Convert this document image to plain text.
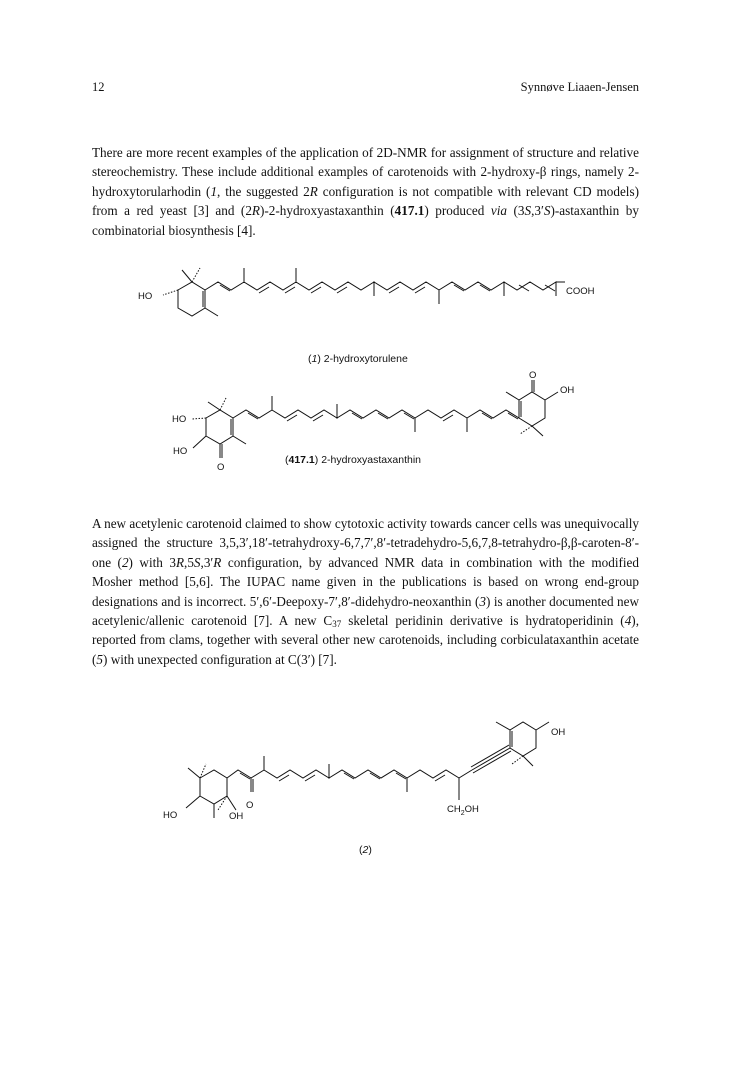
12	Synnøve Liaaen-Jensen

There are more recent examples of the application of 2D-NMR for assignment of structure and relative stereochemistry. These include additional examples of carotenoids with 2-hydroxy-β rings, namely 2-hydroxytorularhodin (1, the suggested 2R configuration is not compatible with relevant CD models) from a red yeast [3] and (2R)-2-hydroxyastaxanthin (417.1) produced via (3S,3′S)-astaxanthin by combinatorial biosynthesis [4].

HO	COOH
(1) 2-hydroxytorulene
HO
HO
O
O
OH
(417.1) 2-hydroxyastaxanthin

A new acetylenic carotenoid claimed to show cytotoxic activity towards cancer cells was unequivocally assigned the structure 3,5,3′,18′-tetrahydroxy-6,7,7′,8′-tetradehydro-5,6,7,8-tetrahydro-β,β-caroten-8′-one (2) with 3R,5S,3′R configuration, by advanced NMR data in combination with the modified Mosher method [5,6]. The IUPAC name given in the publications is based on wrong end-group designations and is incorrect. 5′,6′-Deepoxy-7′,8′-didehydro-neoxanthin (3) is another documented new acetylenic/allenic carotenoid [7]. A new $C_{37}$ skeletal peridinin derivative is hydratoperidinin (4), reported from clams, together with several other new carotenoids, including corbiculataxanthin acetate (5) with unexpected configuration at C(3′) [7].

HO	OH
O
OH
$CH_2OH$
(2)
